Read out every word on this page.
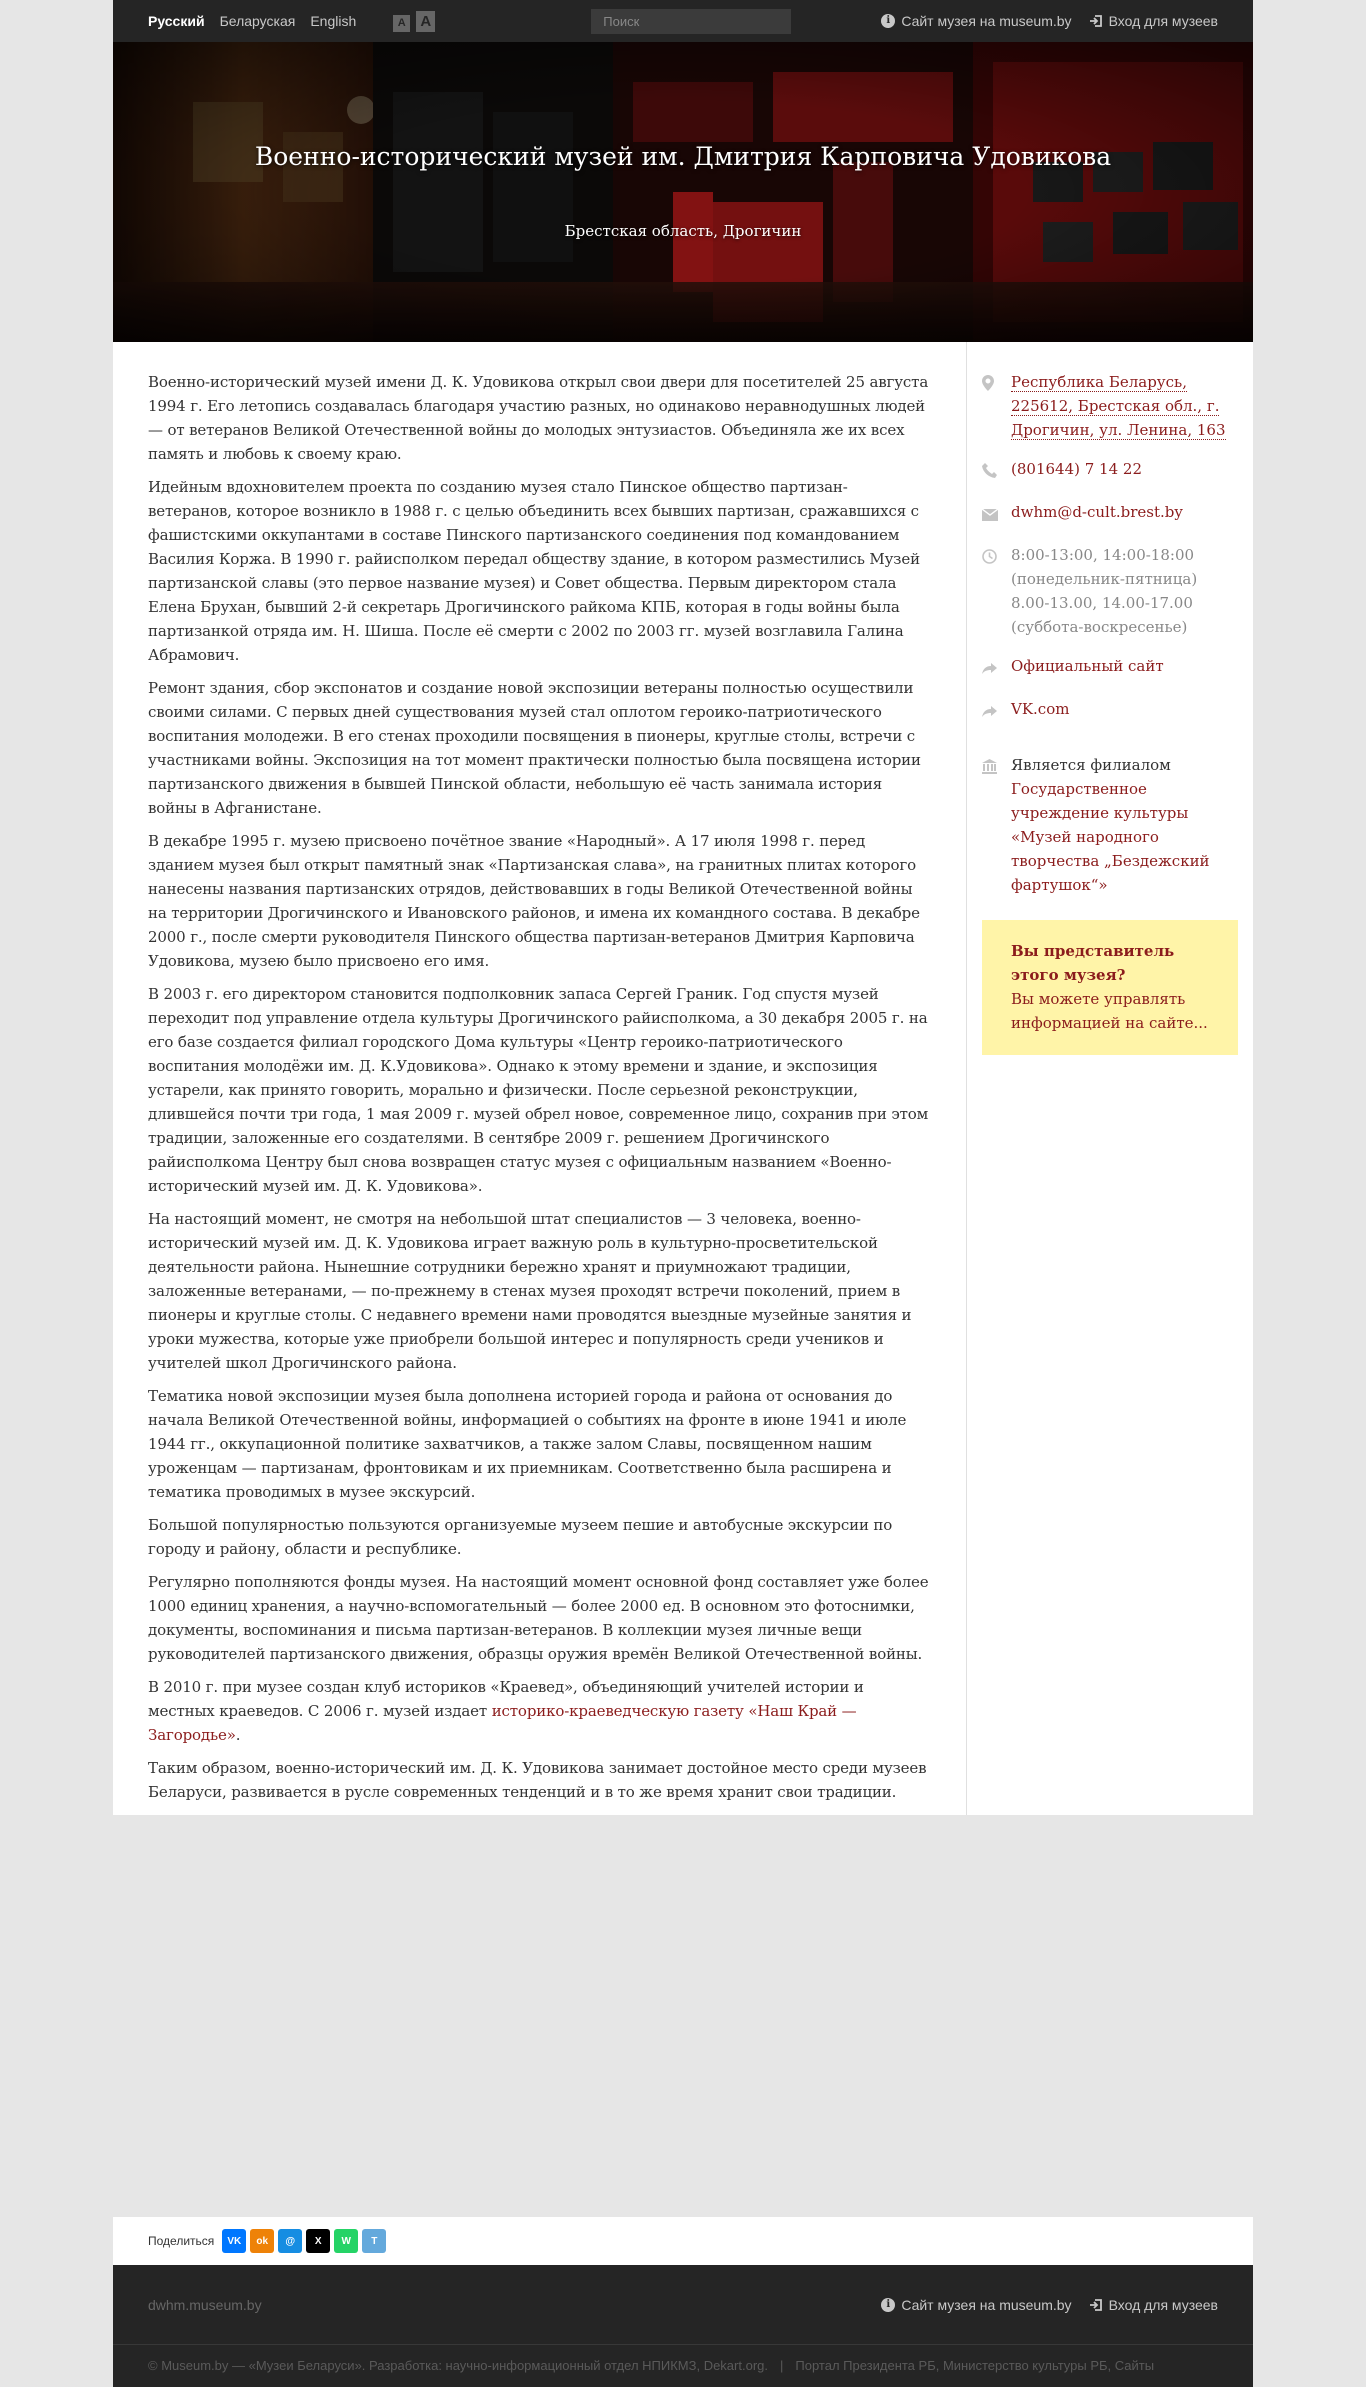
Русский Беларуская English	A A
Поиск	i Сайт музея на museum.by	Вход для музеев
Военно-исторический музей им. Дмитрия Карповича Удовикова
Брестская область, Дрогичин

Военно-исторический музей имени Д. К. Удовикова открыл свои двери для посетителей 25 августа 1994 г. Его летопись создавалась благодаря участию разных, но одинаково неравнодушных людей — от ветеранов Великой Отечественной войны до молодых энтузиастов. Объединяла же их всех память и любовь к своему краю.

Идейным вдохновителем проекта по созданию музея стало Пинское общество партизан-ветеранов, которое возникло в 1988 г. с целью объединить всех бывших партизан, сражавшихся с фашистскими оккупантами в составе Пинского партизанского соединения под командованием Василия Коржа. В 1990 г. райисполком передал обществу здание, в котором разместились Музей партизанской славы (это первое название музея) и Совет общества. Первым директором стала Елена Брухан, бывший 2-й секретарь Дрогичинского райкома КПБ, которая в годы войны была партизанкой отряда им. Н. Шиша. После её смерти с 2002 по 2003 гг. музей возглавила Галина Абрамович.

Ремонт здания, сбор экспонатов и создание новой экспозиции ветераны полностью осуществили своими силами. С первых дней существования музей стал оплотом героико-патриотического воспитания молодежи. В его стенах проходили посвящения в пионеры, круглые столы, встречи с участниками войны. Экспозиция на тот момент практически полностью была посвящена истории партизанского движения в бывшей Пинской области, небольшую её часть занимала история войны в Афганистане.

В декабре 1995 г. музею присвоено почётное звание «Народный». А 17 июля 1998 г. перед зданием музея был открыт памятный знак «Партизанская слава», на гранитных плитах которого нанесены названия партизанских отрядов, действовавших в годы Великой Отечественной войны на территории Дрогичинского и Ивановского районов, и имена их командного состава. В декабре 2000 г., после смерти руководителя Пинского общества партизан-ветеранов Дмитрия Карповича Удовикова, музею было присвоено его имя.

В 2003 г. его директором становится подполковник запаса Сергей Граник. Год спустя музей переходит под управление отдела культуры Дрогичинского райисполкома, а 30 декабря 2005 г. на его базе создается филиал городского Дома культуры «Центр героико-патриотического воспитания молодёжи им. Д. К.Удовикова». Однако к этому времени и здание, и экспозиция устарели, как принято говорить, морально и физически. После серьезной реконструкции, длившейся почти три года, 1 мая 2009 г. музей обрел новое, современное лицо, сохранив при этом традиции, заложенные его создателями. В сентябре 2009 г. решением Дрогичинского райисполкома Центру был снова возвращен статус музея с официальным названием «Военно-исторический музей им. Д. К. Удовикова».

На настоящий момент, не смотря на небольшой штат специалистов — 3 человека, военно-исторический музей им. Д. К. Удовикова играет важную роль в культурно-просветительской деятельности района. Нынешние сотрудники бережно хранят и приумножают традиции, заложенные ветеранами, — по-прежнему в стенах музея проходят встречи поколений, прием в пионеры и круглые столы. С недавнего времени нами проводятся выездные музейные занятия и уроки мужества, которые уже приобрели большой интерес и популярность среди учеников и учителей школ Дрогичинского района.

Тематика новой экспозиции музея была дополнена историей города и района от основания до начала Великой Отечественной войны, информацией о событиях на фронте в июне 1941 и июле 1944 гг., оккупационной политике захватчиков, а также залом Славы, посвященном нашим уроженцам — партизанам, фронтовикам и их приемникам. Соответственно была расширена и тематика проводимых в музее экскурсий.

Большой популярностью пользуются организуемые музеем пешие и автобусные экскурсии по городу и району, области и республике.

Регулярно пополняются фонды музея. На настоящий момент основной фонд составляет уже более 1000 единиц хранения, а научно-вспомогательный — более 2000 ед. В основном это фотоснимки, документы, воспоминания и письма партизан-ветеранов. В коллекции музея личные вещи руководителей партизанского движения, образцы оружия времён Великой Отечественной войны.

В 2010 г. при музее создан клуб историков «Краевед», объединяющий учителей истории и местных краеведов. С 2006 г. музей издает историко-краеведческую газету «Наш Край — Загородье».

Таким образом, военно-исторический им. Д. К. Удовикова занимает достойное место среди музеев Беларуси, развивается в русле современных тенденций и в то же время хранит свои традиции.

Республика Беларусь, 225612, Брестская обл., г. Дрогичин, ул. Ленина, 163
(801644) 7 14 22
dwhm@d-cult.brest.by
8:00-13:00, 14:00-18:00
(понедельник-пятница)
8.00-13.00, 14.00-17.00
(суббота-воскресенье)
Официальный сайт
VK.com
Является филиалом
Государственное учреждение культуры «Музей народного творчества „Бездежский фартушок“»
Вы представитель этого музея?
Вы можете управлять информацией на сайте...
Поделиться	VK	ok	@	X	W	T
dwhm.museum.by	i Сайт музея на museum.by	Вход для музеев
© Museum.by — «Музеи Беларуси». Разработка: научно-информационный отдел НПИКМЗ, Dekart.org. | Портал Президента РБ, Министерство культуры РБ, Сайты
